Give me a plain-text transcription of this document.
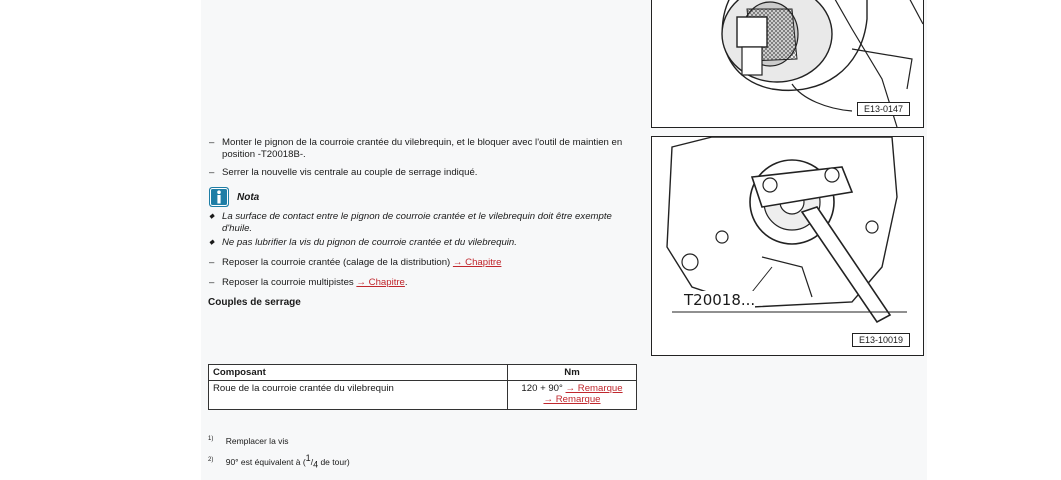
– Monter le pignon de la courroie crantée du vilebrequin, et le bloquer avec l'outil de maintien en position -T20018B-.
– Serrer la nouvelle vis centrale au couple de serrage indiqué.
Nota
◆ La surface de contact entre le pignon de courroie crantée et le vilebrequin doit être exempte d'huile.
◆ Ne pas lubrifier la vis du pignon de courroie crantée et du vilebrequin.
– Reposer la courroie crantée (calage de la distribution) → Chapitre
– Reposer la courroie multipistes → Chapitre.
Couples de serrage
Composant	Nm
Roue de la courroie crantée du vilebrequin	120 + 90° → Remarque
→ Remarque
$^{1)}$ Remplacer la vis
$^{2)}$ 90° est équivalent à ($^1/_4$ de tour)
E13-0147
T20018...
E13-10019
